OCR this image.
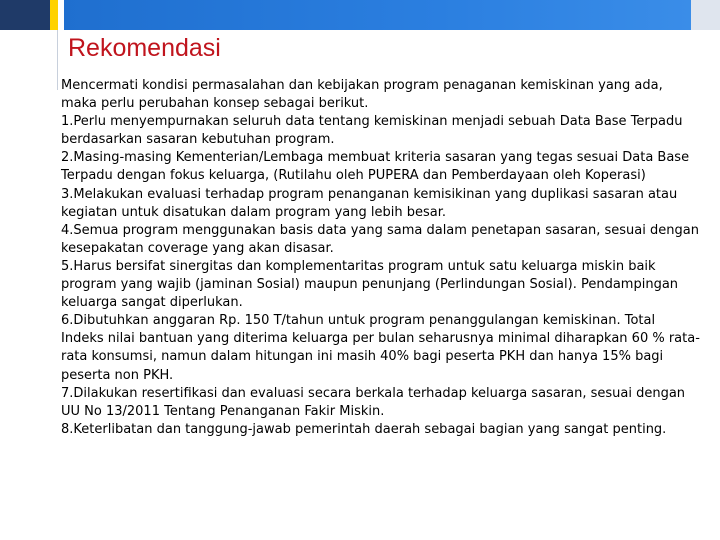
Rekomendasi

Mencermati kondisi permasalahan dan kebijakan program penaganan kemiskinan yang ada, maka perlu perubahan konsep sebagai berikut.

1.Perlu menyempurnakan seluruh data tentang kemiskinan menjadi sebuah Data Base Terpadu berdasarkan sasaran kebutuhan program.

2.Masing-masing Kementerian/Lembaga membuat kriteria sasaran yang tegas sesuai Data Base Terpadu dengan fokus keluarga, (Rutilahu oleh PUPERA dan Pemberdayaan oleh Koperasi)

3.Melakukan evaluasi terhadap program penanganan kemisikinan yang duplikasi sasaran atau kegiatan untuk disatukan dalam program yang lebih besar.

4.Semua program menggunakan basis data yang sama dalam penetapan sasaran, sesuai dengan kesepakatan coverage yang akan disasar.

5.Harus bersifat sinergitas dan komplementaritas program untuk satu keluarga miskin baik program yang wajib (jaminan Sosial) maupun penunjang (Perlindungan Sosial). Pendampingan keluarga sangat diperlukan.

6.Dibutuhkan anggaran Rp. 150 T/tahun untuk program penanggulangan kemiskinan. Total Indeks nilai bantuan yang diterima keluarga per bulan seharusnya minimal diharapkan 60 % rata-rata konsumsi, namun dalam hitungan ini masih 40% bagi peserta PKH dan hanya 15% bagi peserta non PKH.

7.Dilakukan resertifikasi dan evaluasi secara berkala terhadap keluarga sasaran, sesuai dengan UU No 13/2011 Tentang Penanganan Fakir Miskin.

8.Keterlibatan dan tanggung-jawab pemerintah daerah sebagai bagian yang sangat penting.
